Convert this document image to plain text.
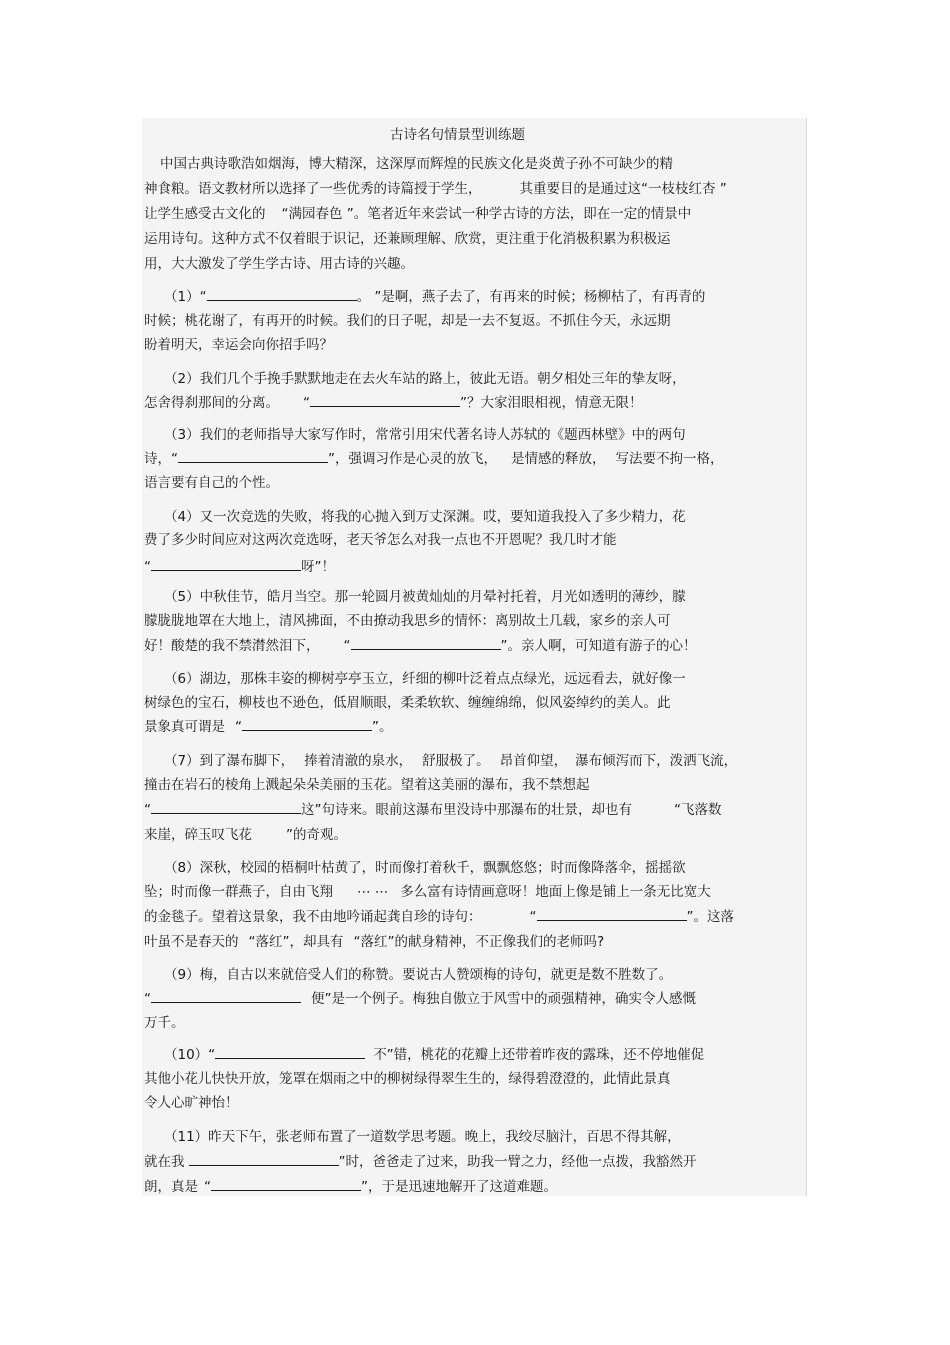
古诗名句情景型训练题
中国古典诗歌浩如烟海，博大精深，这深厚而辉煌的民族文化是炎黄子孙不可缺少的精
神食粮。语文教材所以选择了一些优秀的诗篇授于学生，	其重要目的是通过这“一枝枝红杏 ”
让学生感受古文化的 “满园春色 ”。笔者近年来尝试一种学古诗的方法，即在一定的情景中
运用诗句。这种方式不仅着眼于识记，还兼顾理解、欣赏，更注重于化消极积累为积极运
用，大大激发了学生学古诗、用古诗的兴趣。
（1）“	。 ”是啊，燕子去了，有再来的时候；杨柳枯了，有再青的
时候；桃花谢了，有再开的时候。我们的日子呢，却是一去不复返。不抓住今天，永远期
盼着明天，幸运会向你招手吗？
（2）我们几个手挽手默默地走在去火车站的路上，彼此无语。朝夕相处三年的挚友呀，
怎舍得刹那间的分离。 “	”？大家泪眼相视，情意无限！
（3）我们的老师指导大家写作时，常常引用宋代著名诗人苏轼的《题西林壁》中的两句
诗，“	”，强调习作是心灵的放飞， 是情感的释放， 写法要不拘一格，
语言要有自己的个性。
（4）又一次竞选的失败，将我的心抛入到万丈深渊。哎，要知道我投入了多少精力，花
费了多少时间应对这两次竞选呀，老天爷怎么对我一点也不开恩呢？我几时才能
“	呀”！
（5）中秋佳节，皓月当空。那一轮圆月被黄灿灿的月晕衬托着，月光如透明的薄纱，朦
朦胧胧地罩在大地上，清风拂面，不由撩动我思乡的情怀：离别故土几载，家乡的亲人可
好！酸楚的我不禁潸然泪下， “	”。亲人啊，可知道有游子的心！
（6）湖边，那株丰姿的柳树亭亭玉立，纤细的柳叶泛着点点绿光，远远看去，就好像一
树绿色的宝石，柳枝也不逊色，低眉顺眼，柔柔软软、缠缠绵绵，似风姿绰约的美人。此
景象真可谓是 “	”。
（7）到了瀑布脚下， 捧着清澈的泉水， 舒服极了。 昂首仰望， 瀑布倾泻而下，泼洒飞流，
撞击在岩石的棱角上溅起朵朵美丽的玉花。望着这美丽的瀑布，我不禁想起
“	这”句诗来。眼前这瀑布里没诗中那瀑布的壮景，却也有	“飞落数
来崖，碎玉叹飞花	”的奇观。
（8）深秋，校园的梧桐叶枯黄了，时而像打着秋千，飘飘悠悠；时而像降落伞，摇摇欲
坠；时而像一群燕子，自由飞翔 ⋯ ⋯ 多么富有诗情画意呀！地面上像是铺上一条无比宽大
的金毯子。望着这景象，我不由地吟诵起龚自珍的诗句：	“	”。这落
叶虽不是春天的 “落红”，却具有 “落红”的献身精神，不正像我们的老师吗?
（9）梅，自古以来就倍受人们的称赞。要说古人赞颂梅的诗句，就更是数不胜数了。
“	便”是一个例子。梅独自傲立于风雪中的顽强精神，确实令人感慨
万千。
（10）“	不”错，桃花的花瓣上还带着昨夜的露珠，还不停地催促
其他小花儿快快开放，笼罩在烟雨之中的柳树绿得翠生生的，绿得碧澄澄的，此情此景真
令人心旷神怡！
（11）昨天下午，张老师布置了一道数学思考题。晚上，我绞尽脑汁，百思不得其解，
就在我	”时，爸爸走了过来，助我一臂之力，经他一点拨，我豁然开
朗，真是 “	”，于是迅速地解开了这道难题。
